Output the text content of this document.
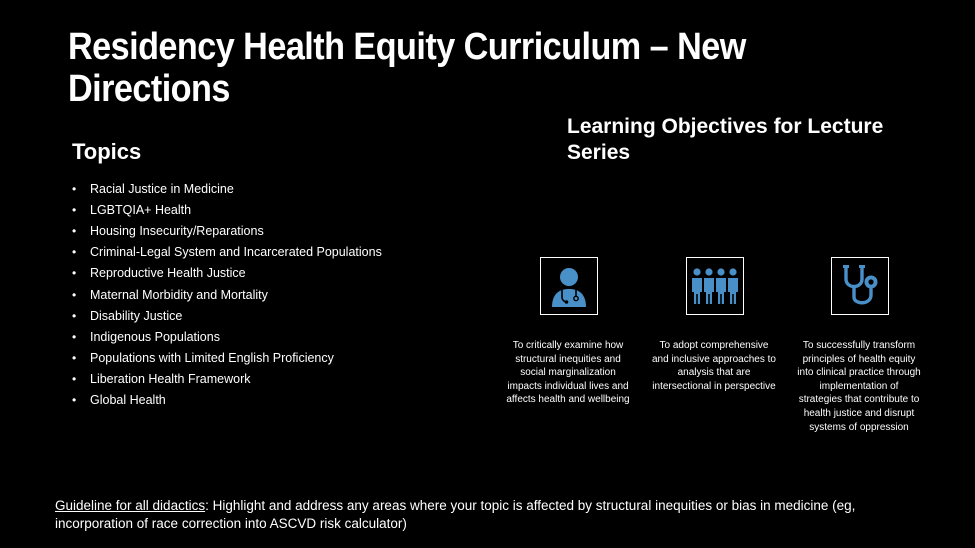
Residency Health Equity Curriculum – New Directions
Topics
•	Racial Justice in Medicine
•	LGBTQIA+ Health
•	Housing Insecurity/Reparations
•	Criminal-Legal System and Incarcerated Populations
•	Reproductive Health Justice
•	Maternal Morbidity and Mortality
•	Disability Justice
•	Indigenous Populations
•	Populations with Limited English Proficiency
•	Liberation Health Framework
•	Global Health
Learning Objectives for Lecture Series
To critically examine how structural inequities and social marginalization impacts individual lives and affects health and wellbeing
To adopt comprehensive and inclusive approaches to analysis that are intersectional in perspective
To successfully transform principles of health equity into clinical practice through implementation of strategies that contribute to health justice and disrupt systems of oppression
Guideline for all didactics: Highlight and address any areas where your topic is affected by structural inequities or bias in medicine (eg, incorporation of race correction into ASCVD risk calculator)
